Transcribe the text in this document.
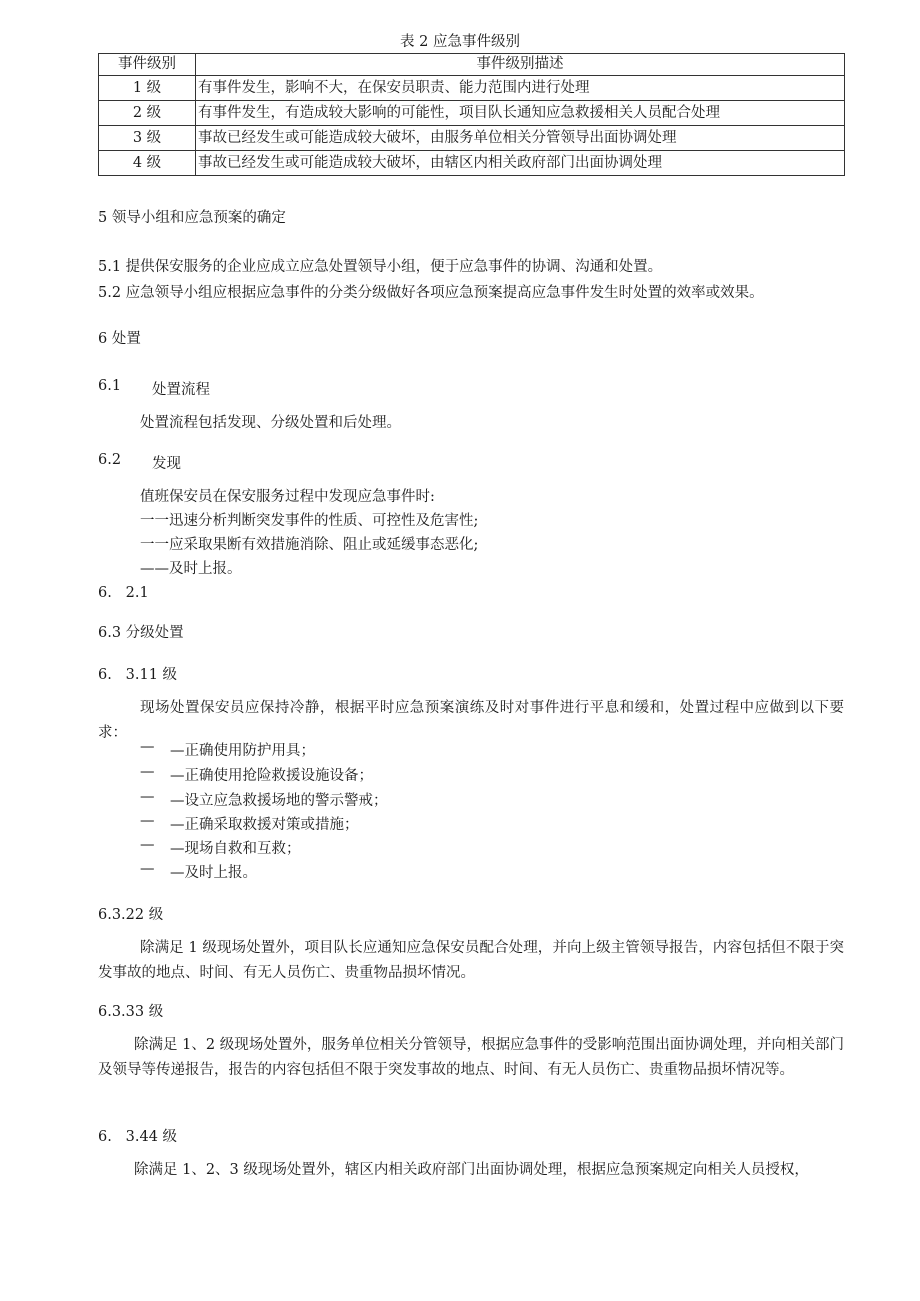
表 2 应急事件级别
事件级别	事件级别描述
1 级	有事件发生，影响不大，在保安员职责、能力范围内进行处理
2 级	有事件发生，有造成较大影响的可能性，项目队长通知应急救援相关人员配合处理
3 级	事故已经发生或可能造成较大破坏，由服务单位相关分管领导出面协调处理
4 级	事故已经发生或可能造成较大破坏，由辖区内相关政府部门出面协调处理
5 领导小组和应急预案的确定
5.1 提供保安服务的企业应成立应急处置领导小组，便于应急事件的协调、沟通和处置。
5.2 应急领导小组应根据应急事件的分类分级做好各项应急预案提高应急事件发生时处置的效率或效果。
6 处置
6.1 处置流程
处置流程包括发现、分级处置和后处理。
6.2 发现
值班保安员在保安服务过程中发现应急事件时:
一一迅速分析判断突发事件的性质、可控性及危害性;
一一应采取果断有效措施消除、阻止或延缓事态恶化;
——及时上报。
6.   2.1
6.3 分级处置
6.   3.11 级
现场处置保安员应保持冷静，根据平时应急预案演练及时对事件进行平息和缓和，处置过程中应做到以下要求：
— —正确使用防护用具；
— —正确使用抢险救援设施设备；
— —设立应急救援场地的警示警戒；
— —正确采取救援对策或措施；
— —现场自救和互救；
— —及时上报。
6.3.22 级
除满足 1 级现场处置外，项目队长应通知应急保安员配合处理，并向上级主管领导报告，内容包括但不限于突发事故的地点、时间、有无人员伤亡、贵重物品损坏情况。
6.3.33 级
除满足 1、2 级现场处置外，服务单位相关分管领导，根据应急事件的受影响范围出面协调处理，并向相关部门及领导等传递报告，报告的内容包括但不限于突发事故的地点、时间、有无人员伤亡、贵重物品损坏情况等。
6.   3.44 级
除满足 1、2、3 级现场处置外，辖区内相关政府部门出面协调处理，根据应急预案规定向相关人员授权，
